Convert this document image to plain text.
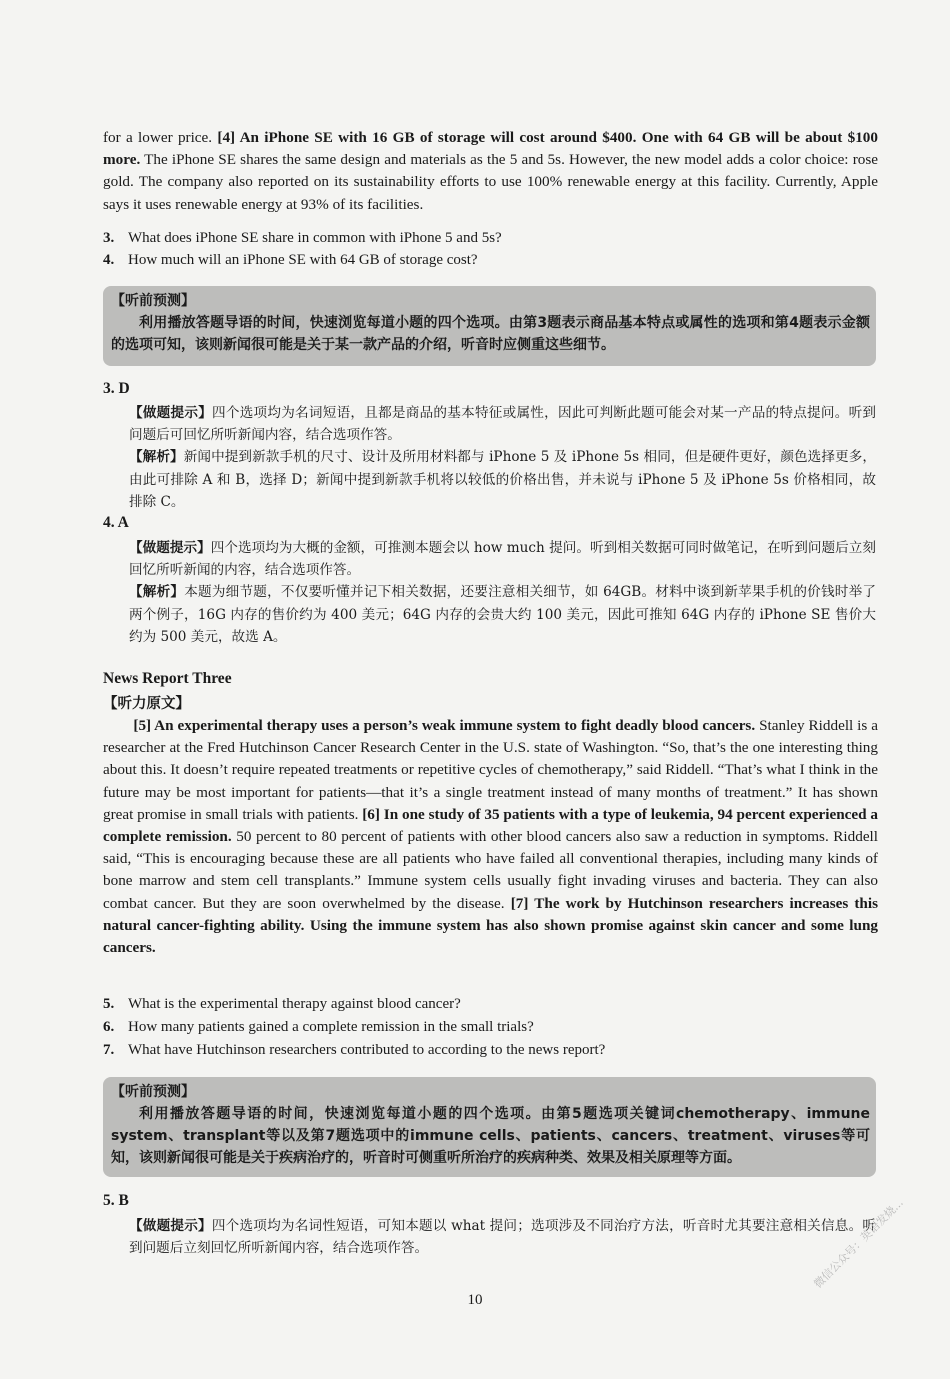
for a lower price. [4] An iPhone SE with 16 GB of storage will cost around $400. One with 64 GB will be about $100 more. The iPhone SE shares the same design and materials as the 5 and 5s. However, the new model adds a color choice: rose gold. The company also reported on its sustainability efforts to use 100% renewable energy at this facility. Currently, Apple says it uses renewable energy at 93% of its facilities.

3. What does iPhone SE share in common with iPhone 5 and 5s?
4. How much will an iPhone SE with 64 GB of storage cost?
【听前预测】
利用播放答题导语的时间，快速浏览每道小题的四个选项。由第3题表示商品基本特点或属性的选项和第4题表示金额的选项可知，该则新闻很可能是关于某一款产品的介绍，听音时应侧重这些细节。
3. D
【做题提示】四个选项均为名词短语，且都是商品的基本特征或属性，因此可判断此题可能会对某一产品的特点提问。听到问题后可回忆所听新闻内容，结合选项作答。
【解析】新闻中提到新款手机的尺寸、设计及所用材料都与 iPhone 5 及 iPhone 5s 相同，但是硬件更好，颜色选择更多，由此可排除 A 和 B，选择 D；新闻中提到新款手机将以较低的价格出售，并未说与 iPhone 5 及 iPhone 5s 价格相同，故排除 C。
4. A
【做题提示】四个选项均为大概的金额，可推测本题会以 how much 提问。听到相关数据可同时做笔记，在听到问题后立刻回忆所听新闻的内容，结合选项作答。
【解析】本题为细节题，不仅要听懂并记下相关数据，还要注意相关细节，如 64GB。材料中谈到新苹果手机的价钱时举了两个例子，16G 内存的售价约为 400 美元；64G 内存的会贵大约 100 美元，因此可推知 64G 内存的 iPhone SE 售价大约为 500 美元，故选 A。
News Report Three
【听力原文】

[5] An experimental therapy uses a person’s weak immune system to fight deadly blood cancers. Stanley Riddell is a researcher at the Fred Hutchinson Cancer Research Center in the U.S. state of Washington. “So, that’s the one interesting thing about this. It doesn’t require repeated treatments or repetitive cycles of chemotherapy,” said Riddell. “That’s what I think in the future may be most important for patients—that it’s a single treatment instead of many months of treatment.” It has shown great promise in small trials with patients. [6] In one study of 35 patients with a type of leukemia, 94 percent experienced a complete remission. 50 percent to 80 percent of patients with other blood cancers also saw a reduction in symptoms. Riddell said, “This is encouraging because these are all patients who have failed all conventional therapies, including many kinds of bone marrow and stem cell transplants.” Immune system cells usually fight invading viruses and bacteria. They can also combat cancer. But they are soon overwhelmed by the disease. [7] The work by Hutchinson researchers increases this natural cancer-fighting ability. Using the immune system has also shown promise against skin cancer and some lung cancers.

5. What is the experimental therapy against blood cancer?
6. How many patients gained a complete remission in the small trials?
7. What have Hutchinson researchers contributed to according to the news report?
【听前预测】
利用播放答题导语的时间，快速浏览每道小题的四个选项。由第5题选项关键词chemotherapy、immune system、transplant等以及第7题选项中的immune cells、patients、cancers、treatment、viruses等可知，该则新闻很可能是关于疾病治疗的，听音时可侧重听所治疗的疾病种类、效果及相关原理等方面。
5. B
【做题提示】四个选项均为名词性短语，可知本题以 what 提问；选项涉及不同治疗方法，听音时尤其要注意相关信息。听到问题后立刻回忆所听新闻内容，结合选项作答。
10
微信公众号：英语发烧...
